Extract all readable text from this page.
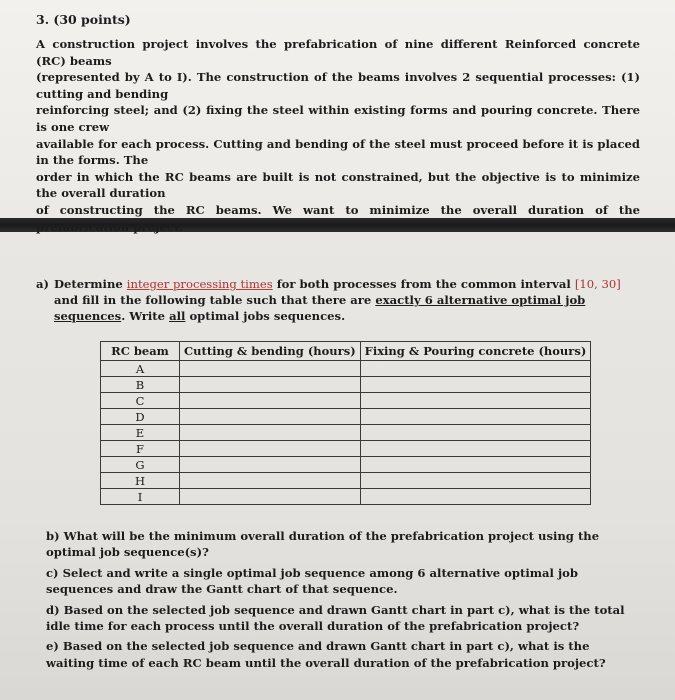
3. (30 points)
A construction project involves the prefabrication of nine different Reinforced concrete (RC) beams
(represented by A to I). The construction of the beams involves 2 sequential processes: (1) cutting and bending
reinforcing steel; and (2) fixing the steel within existing forms and pouring concrete. There is one crew
available for each process. Cutting and bending of the steel must proceed before it is placed in the forms. The
order in which the RC beams are built is not constrained, but the objective is to minimize the overall duration
of constructing the RC beams. We want to minimize the overall duration of the prefabrication project.
a) Determine integer processing times for both processes from the common interval [10, 30] and fill in the following table such that there are exactly 6 alternative optimal job sequences. Write all optimal jobs sequences.
RC beam	Cutting & bending (hours)	Fixing & Pouring concrete (hours)
A		
B		
C		
D		
E		
F		
G		
H		
I		

b) What will be the minimum overall duration of the prefabrication project using the optimal job sequence(s)?

c) Select and write a single optimal job sequence among 6 alternative optimal job sequences and draw the Gantt chart of that sequence.

d) Based on the selected job sequence and drawn Gantt chart in part c), what is the total idle time for each process until the overall duration of the prefabrication project?

e) Based on the selected job sequence and drawn Gantt chart in part c), what is the waiting time of each RC beam until the overall duration of the prefabrication project?
